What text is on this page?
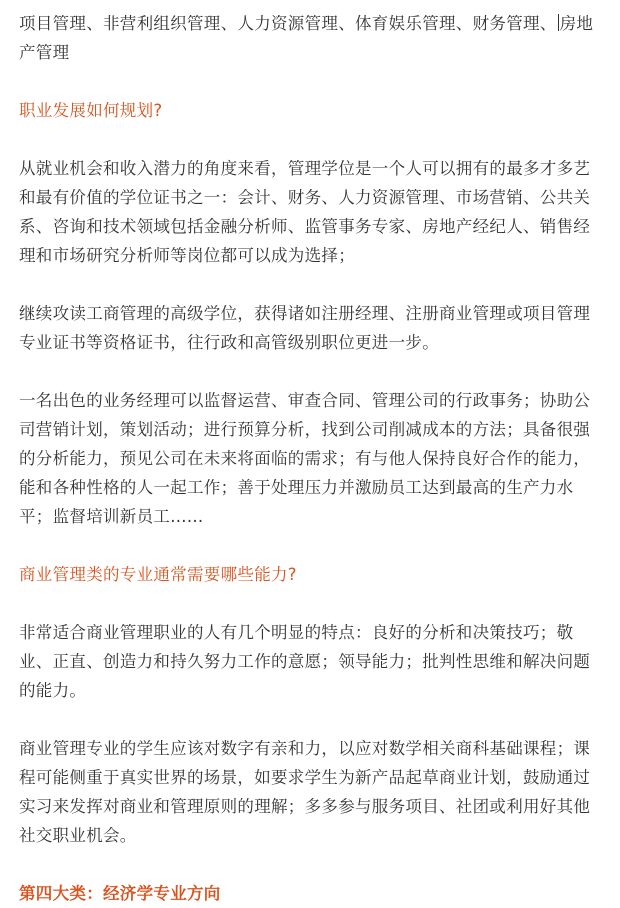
项目管理、非营利组织管理、人力资源管理、体育娱乐管理、财务管理、 房地产管理

职业发展如何规划?

从就业机会和收入潜力的角度来看，管理学位是一个人可以拥有的最多才多艺和最有价值的学位证书之一：会计、财务、人力资源管理、市场营销、公共关系、咨询和技术领域包括金融分析师、监管事务专家、房地产经纪人、销售经理和市场研究分析师等岗位都可以成为选择；

继续攻读工商管理的高级学位，获得诸如注册经理、注册商业管理或项目管理专业证书等资格证书，往行政和高管级别职位更进一步。

一名出色的业务经理可以监督运营、审查合同、管理公司的行政事务；协助公司营销计划，策划活动；进行预算分析，找到公司削减成本的方法；具备很强的分析能力，预见公司在未来将面临的需求；有与他人保持良好合作的能力，能和各种性格的人一起工作；善于处理压力并激励员工达到最高的生产力水平；监督培训新员工......

商业管理类的专业通常需要哪些能力?

非常适合商业管理职业的人有几个明显的特点：良好的分析和决策技巧；敬业、正直、创造力和持久努力工作的意愿；领导能力；批判性思维和解决问题的能力。

商业管理专业的学生应该对数字有亲和力，以应对数学相关商科基础课程；课程可能侧重于真实世界的场景，如要求学生为新产品起草商业计划，鼓励通过实习来发挥对商业和管理原则的理解；多多参与服务项目、社团或利用好其他社交职业机会。

第四大类：经济学专业方向
